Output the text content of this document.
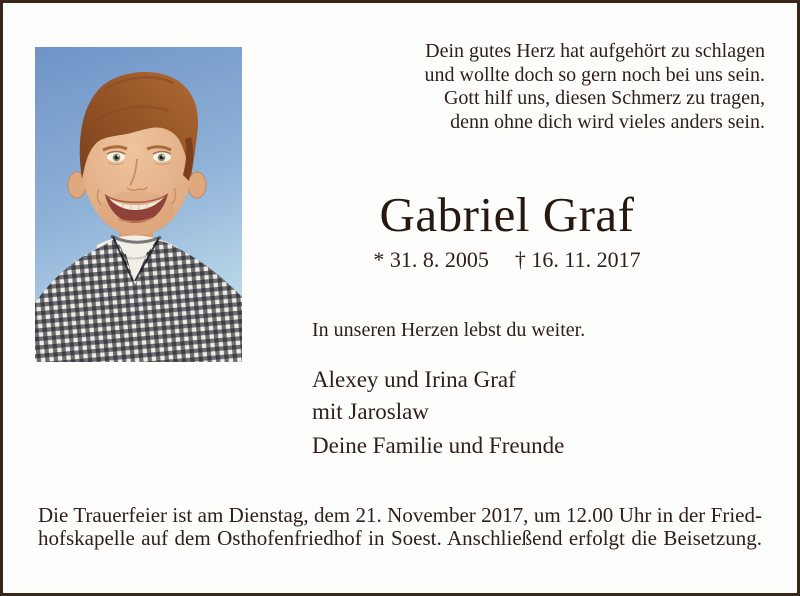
Dein gutes Herz hat aufgehört zu schlagen
und wollte doch so gern noch bei uns sein.
Gott hilf uns, diesen Schmerz zu tragen,
denn ohne dich wird vieles anders sein.
Gabriel Graf
* 31. 8. 2005 † 16. 11. 2017
In unseren Herzen lebst du weiter.
Alexey und Irina Graf
mit Jaroslaw
Deine Familie und Freunde
Die Trauerfeier ist am Dienstag, dem 21. November 2017, um 12.00 Uhr in der Fried-
hofskapelle auf dem Osthofenfriedhof in Soest. Anschließend erfolgt die Beisetzung.
